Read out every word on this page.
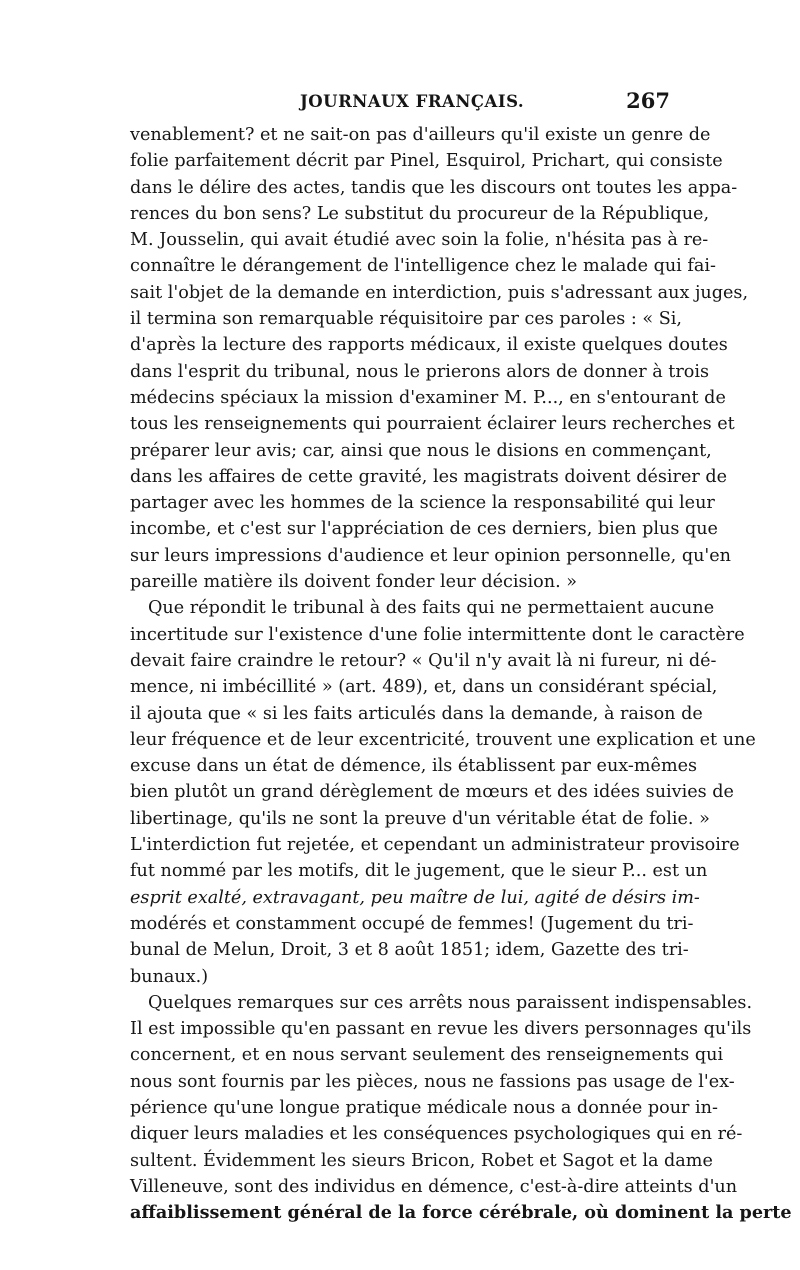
JOURNAUX FRANÇAIS.	267
venablement? et ne sait-on pas d'ailleurs qu'il existe un genre de
folie parfaitement décrit par Pinel, Esquirol, Prichart, qui consiste
dans le délire des actes, tandis que les discours ont toutes les appa-
rences du bon sens? Le substitut du procureur de la République,
M. Jousselin, qui avait étudié avec soin la folie, n'hésita pas à re-
connaître le dérangement de l'intelligence chez le malade qui fai-
sait l'objet de la demande en interdiction, puis s'adressant aux juges,
il termina son remarquable réquisitoire par ces paroles : « Si,
d'après la lecture des rapports médicaux, il existe quelques doutes
dans l'esprit du tribunal, nous le prierons alors de donner à trois
médecins spéciaux la mission d'examiner M. P..., en s'entourant de
tous les renseignements qui pourraient éclairer leurs recherches et
préparer leur avis; car, ainsi que nous le disions en commençant,
dans les affaires de cette gravité, les magistrats doivent désirer de
partager avec les hommes de la science la responsabilité qui leur
incombe, et c'est sur l'appréciation de ces derniers, bien plus que
sur leurs impressions d'audience et leur opinion personnelle, qu'en
pareille matière ils doivent fonder leur décision. »
Que répondit le tribunal à des faits qui ne permettaient aucune
incertitude sur l'existence d'une folie intermittente dont le caractère
devait faire craindre le retour? « Qu'il n'y avait là ni fureur, ni dé-
mence, ni imbécillité » (art. 489), et, dans un considérant spécial,
il ajouta que « si les faits articulés dans la demande, à raison de
leur fréquence et de leur excentricité, trouvent une explication et une
excuse dans un état de démence, ils établissent par eux-mêmes
bien plutôt un grand dérèglement de mœurs et des idées suivies de
libertinage, qu'ils ne sont la preuve d'un véritable état de folie. »
L'interdiction fut rejetée, et cependant un administrateur provisoire
fut nommé par les motifs, dit le jugement, que le sieur P... est un
esprit exalté, extravagant, peu maître de lui, agité de désirs im-
modérés et constamment occupé de femmes! (Jugement du tri-
bunal de Melun, Droit, 3 et 8 août 1851; idem, Gazette des tri-
bunaux.)
Quelques remarques sur ces arrêts nous paraissent indispensables.
Il est impossible qu'en passant en revue les divers personnages qu'ils
concernent, et en nous servant seulement des renseignements qui
nous sont fournis par les pièces, nous ne fassions pas usage de l'ex-
périence qu'une longue pratique médicale nous a donnée pour in-
diquer leurs maladies et les conséquences psychologiques qui en ré-
sultent. Évidemment les sieurs Bricon, Robet et Sagot et la dame
Villeneuve, sont des individus en démence, c'est-à-dire atteints d'un
affaiblissement général de la force cérébrale, où dominent la perte
